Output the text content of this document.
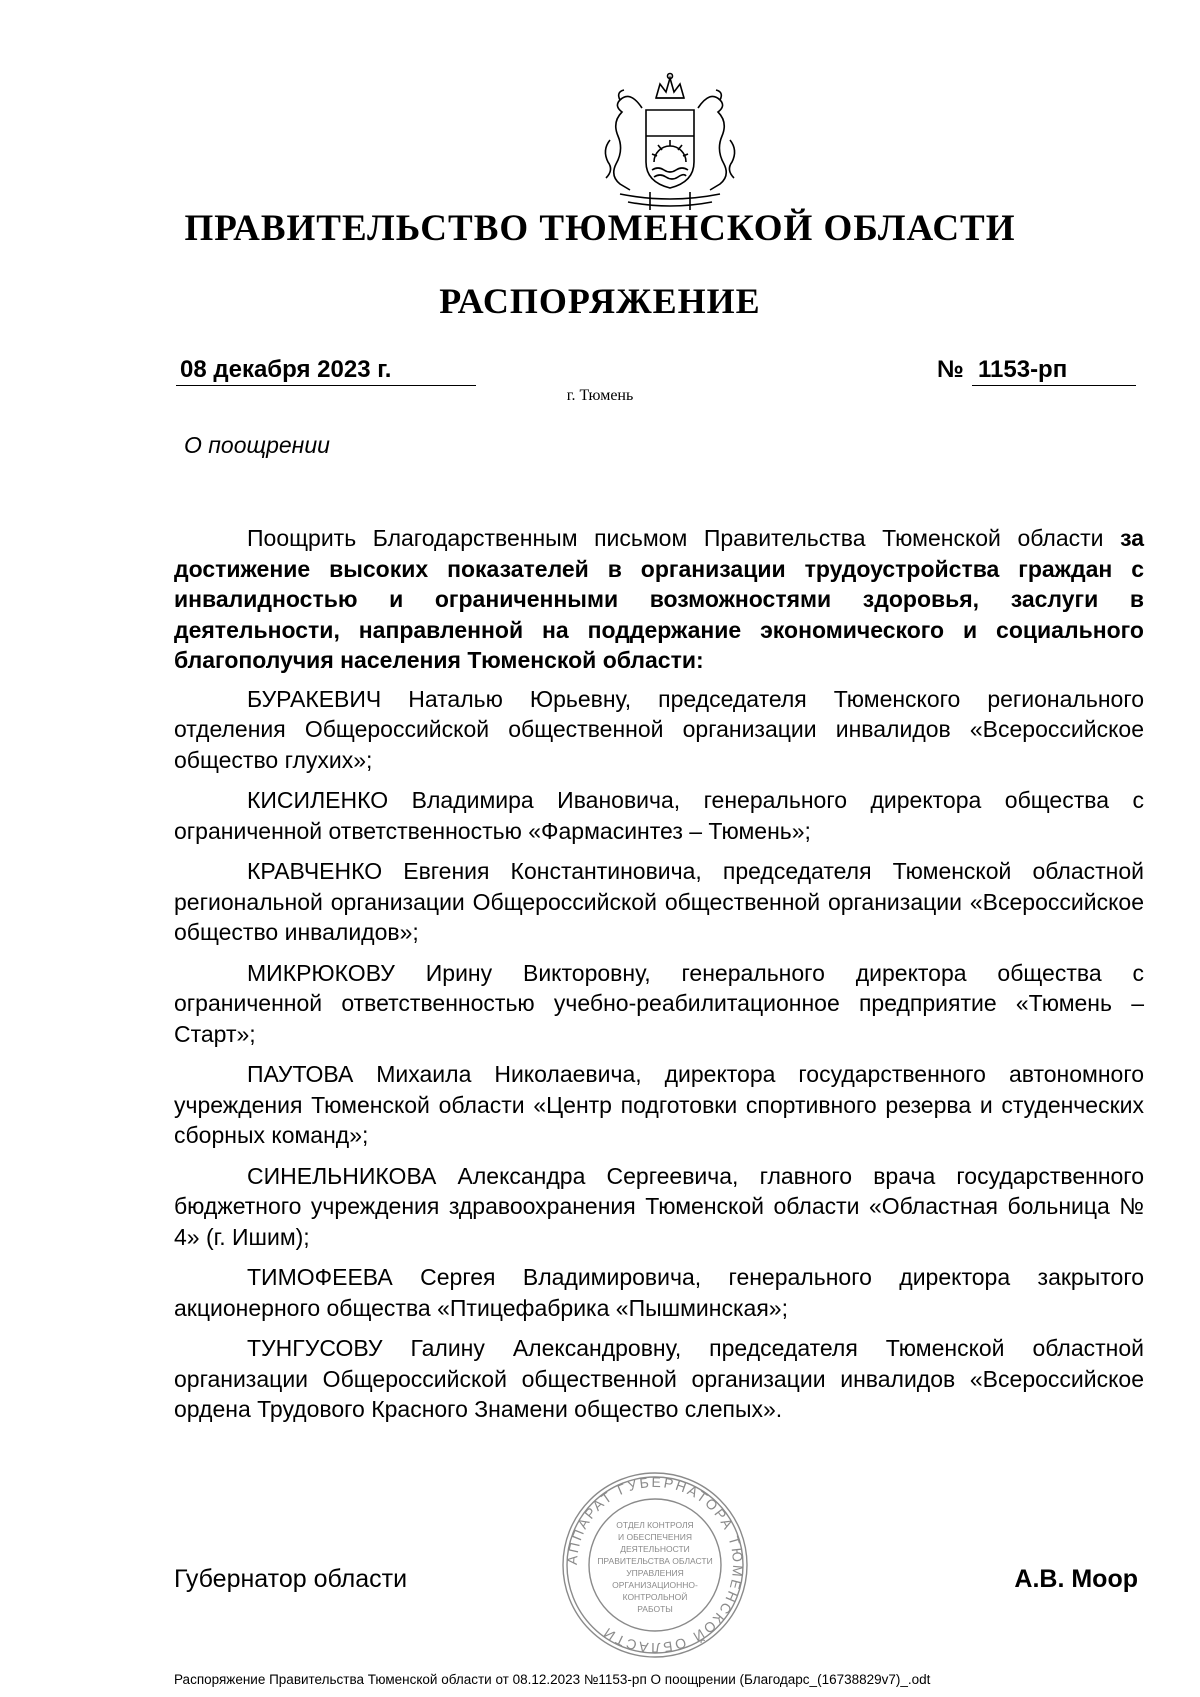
ПРАВИТЕЛЬСТВО ТЮМЕНСКОЙ ОБЛАСТИ
РАСПОРЯЖЕНИЕ
08 декабря 2023 г.	№ 1153-рп
г. Тюмень
О поощрении

Поощрить Благодарственным письмом Правительства Тюменской области за достижение высоких показателей в организации трудоустройства граждан с инвалидностью и ограниченными возможностями здоровья, заслуги в деятельности, направленной на поддержание экономического и социального благополучия населения Тюменской области:

БУРАКЕВИЧ Наталью Юрьевну, председателя Тюменского регионального отделения Общероссийской общественной организации инвалидов «Всероссийское общество глухих»;

КИСИЛЕНКО Владимира Ивановича, генерального директора общества с ограниченной ответственностью «Фармасинтез – Тюмень»;

КРАВЧЕНКО Евгения Константиновича, председателя Тюменской областной региональной организации Общероссийской общественной организации «Всероссийское общество инвалидов»;

МИКРЮКОВУ Ирину Викторовну, генерального директора общества с ограниченной ответственностью учебно-реабилитационное предприятие «Тюмень – Старт»;

ПАУТОВА Михаила Николаевича, директора государственного автономного учреждения Тюменской области «Центр подготовки спортивного резерва и студенческих сборных команд»;

СИНЕЛЬНИКОВА Александра Сергеевича, главного врача государственного бюджетного учреждения здравоохранения Тюменской области «Областная больница № 4» (г. Ишим);

ТИМОФЕЕВА Сергея Владимировича, генерального директора закрытого акционерного общества «Птицефабрика «Пышминская»;

ТУНГУСОВУ Галину Александровну, председателя Тюменской областной организации Общероссийской общественной организации инвалидов «Всероссийское ордена Трудового Красного Знамени общество слепых».

АППАРАТ ГУБЕРНАТОРА ТЮМЕНСКОЙ ОБЛАСТИ
ОТДЕЛ КОНТРОЛЯ
И ОБЕСПЕЧЕНИЯ
ДЕЯТЕЛЬНОСТИ
ПРАВИТЕЛЬСТВА ОБЛАСТИ
УПРАВЛЕНИЯ
ОРГАНИЗАЦИОННО-
КОНТРОЛЬНОЙ
РАБОТЫ
Губернатор области	А.В. Моор
Распоряжение Правительства Тюменской области от 08.12.2023 №1153-рп О поощрении (Благодарс_(16738829v7)_.odt
